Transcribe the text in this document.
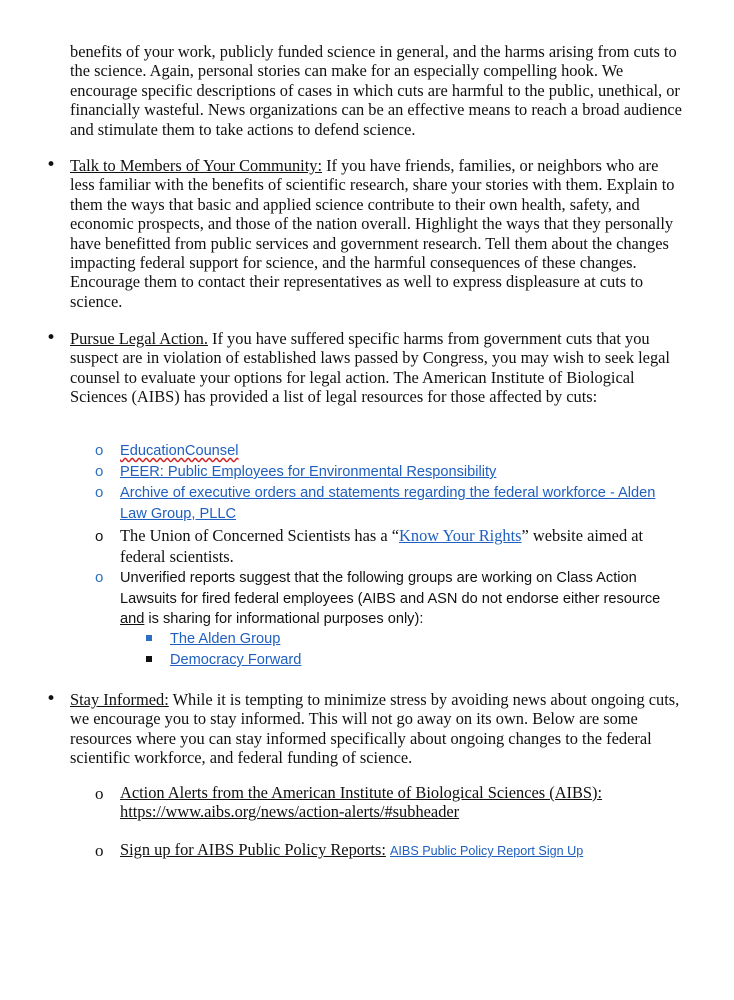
benefits of your work, publicly funded science in general, and the harms arising from cuts to the science. Again, personal stories can make for an especially compelling hook. We encourage specific descriptions of cases in which cuts are harmful to the public, unethical, or financially wasteful. News organizations can be an effective means to reach a broad audience and stimulate them to take actions to defend science.

• Talk to Members of Your Community: If you have friends, families, or neighbors who are less familiar with the benefits of scientific research, share your stories with them. Explain to them the ways that basic and applied science contribute to their own health, safety, and economic prospects, and those of the nation overall. Highlight the ways that they personally have benefitted from public services and government research. Tell them about the changes impacting federal support for science, and the harmful consequences of these changes. Encourage them to contact their representatives as well to express displeasure at cuts to science.

• Pursue Legal Action. If you have suffered specific harms from government cuts that you suspect are in violation of established laws passed by Congress, you may wish to seek legal counsel to evaluate your options for legal action. The American Institute of Biological Sciences (AIBS) has provided a list of legal resources for those affected by cuts:

o EducationCounsel
o PEER: Public Employees for Environmental Responsibility
o Archive of executive orders and statements regarding the federal workforce - Alden Law Group, PLLC
o The Union of Concerned Scientists has a “Know Your Rights” website aimed at federal scientists.

o Unverified reports suggest that the following groups are working on Class Action Lawsuits for fired federal employees (AIBS and ASN do not endorse either resource and is sharing for informational purposes only):

The Alden Group
Democracy Forward
• Stay Informed: While it is tempting to minimize stress by avoiding news about ongoing cuts, we encourage you to stay informed. This will not go away on its own. Below are some resources where you can stay informed specifically about ongoing changes to the federal scientific workforce, and federal funding of science.

o Action Alerts from the American Institute of Biological Sciences (AIBS):
https://www.aibs.org/news/action-alerts/#subheader

o Sign up for AIBS Public Policy Reports: AIBS Public Policy Report Sign Up
